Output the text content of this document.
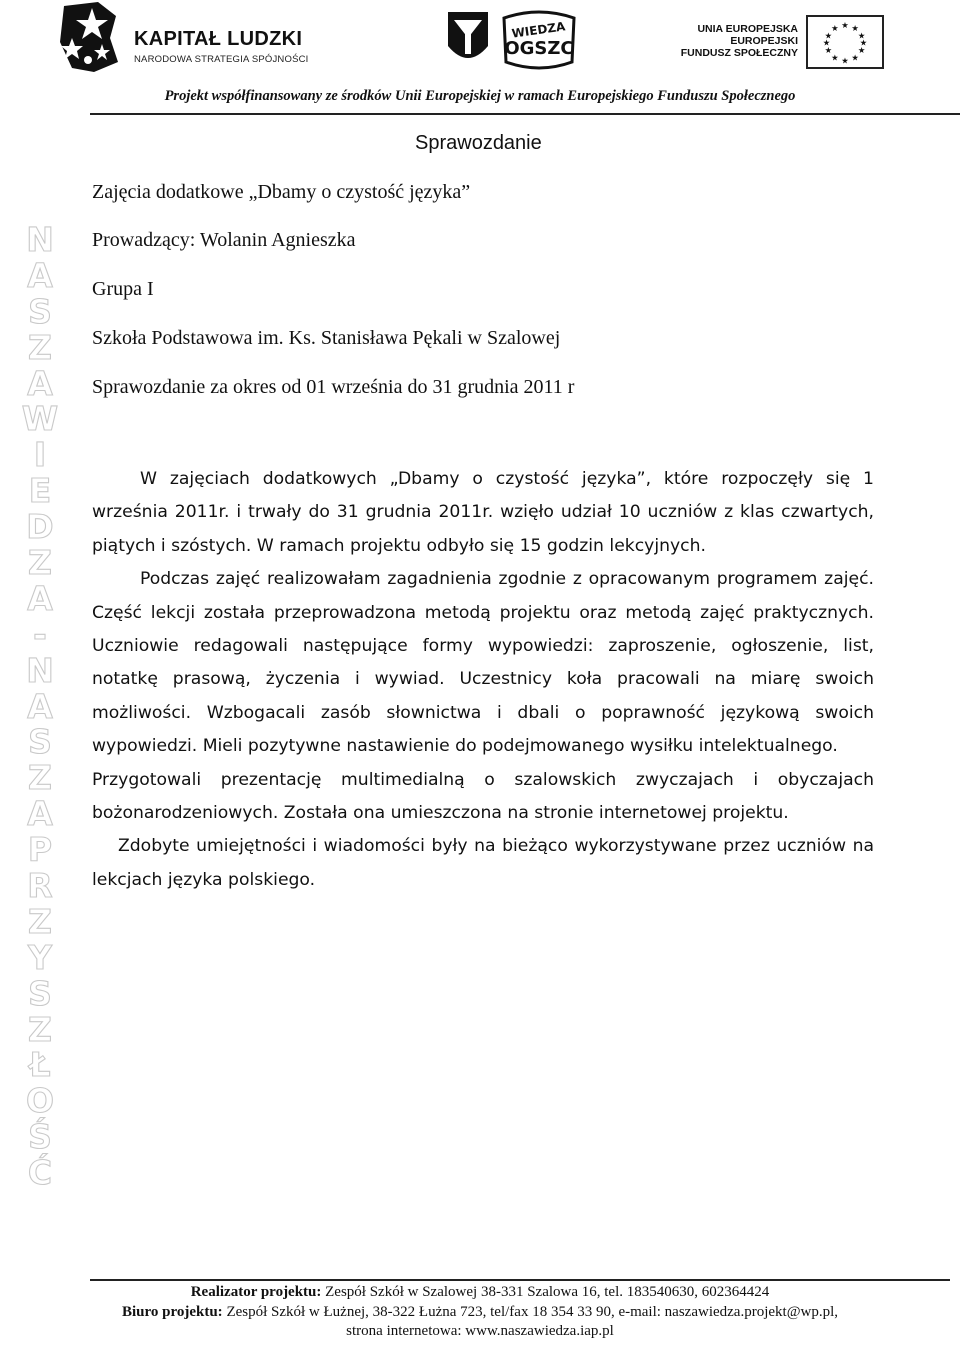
KAPITAŁ LUDZKI
NARODOWA STRATEGIA SPÓJNOŚCI
WIEDZA
OGSZC
UNIA EUROPEJSKA
EUROPEJSKI
FUNDUSZ SPOŁECZNY
★ ★
★
★
★
★
★
★
★
★
★
★
Projekt współfinansowany ze środków Unii Europejskiej w ramach Europejskiego Funduszu Społecznego
N
A
S
Z
A
W
I
E
D
Z
A
-
N
A
S
Z
A
P
R
Z
Y
S
Z
Ł
O
Ś
Ć
Sprawozdanie
Zajęcia dodatkowe „Dbamy o czystość języka”
Prowadzący: Wolanin Agnieszka
Grupa I
Szkoła Podstawowa im. Ks. Stanisława Pękali w Szalowej
Sprawozdanie za okres od 01 września do 31 grudnia 2011 r

W zajęciach dodatkowych „Dbamy o czystość języka”, które rozpoczęły się 1 września 2011r. i trwały do 31 grudnia 2011r. wzięło udział 10 uczniów z klas czwartych, piątych i szóstych. W ramach projektu odbyło się 15 godzin lekcyjnych.

Podczas zajęć realizowałam zagadnienia zgodnie z opracowanym programem zajęć. Część lekcji została przeprowadzona metodą projektu oraz metodą zajęć praktycznych. Uczniowie redagowali następujące formy wypowiedzi: zaproszenie, ogłoszenie, list, notatkę prasową, życzenia i wywiad. Uczestnicy koła pracowali na miarę swoich możliwości. Wzbogacali zasób słownictwa i dbali o poprawność językową swoich wypowiedzi. Mieli pozytywne nastawienie do podejmowanego wysiłku intelektualnego.

Przygotowali prezentację multimedialną o szalowskich zwyczajach i obyczajach bożonarodzeniowych. Została ona umieszczona na stronie internetowej projektu.

Zdobyte umiejętności i wiadomości były na bieżąco wykorzystywane przez uczniów na lekcjach języka polskiego.

Realizator projektu: Zespół Szkół w Szalowej 38-331 Szalowa 16, tel. 183540630, 602364424
Biuro projektu: Zespół Szkół w Łużnej, 38-322 Łużna 723, tel/fax 18 354 33 90, e-mail: naszawiedza.projekt@wp.pl,
strona internetowa: www.naszawiedza.iap.pl
